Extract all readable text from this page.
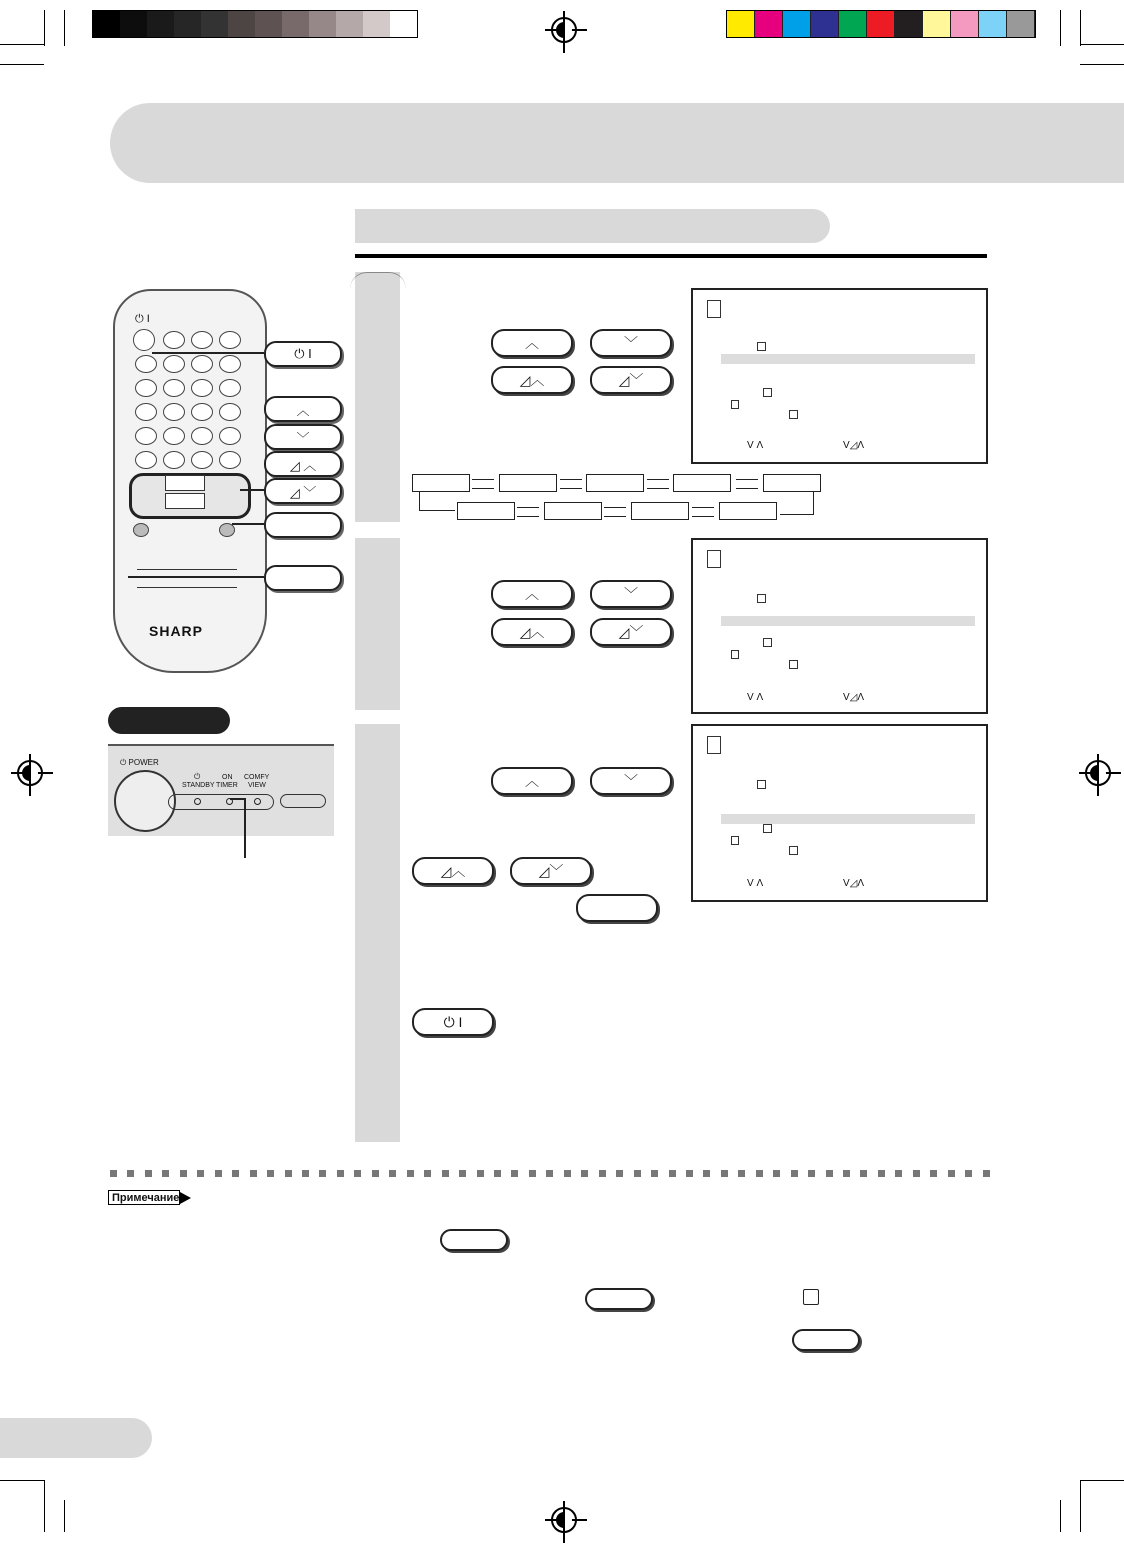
⏻ I
SHARP
⏻ I
︿
﹀
◿ ︿
◿ ﹀
⏻ POWER
⏻
STANDBY
ON
TIMER
COMFY
VIEW
︿	﹀
◿︿	◿﹀
V Λ	V◿Λ
︿	﹀
◿︿	◿﹀
V Λ	V◿Λ
︿	﹀
◿︿	◿﹀
⏻ I
V Λ	V◿Λ
Примечание
